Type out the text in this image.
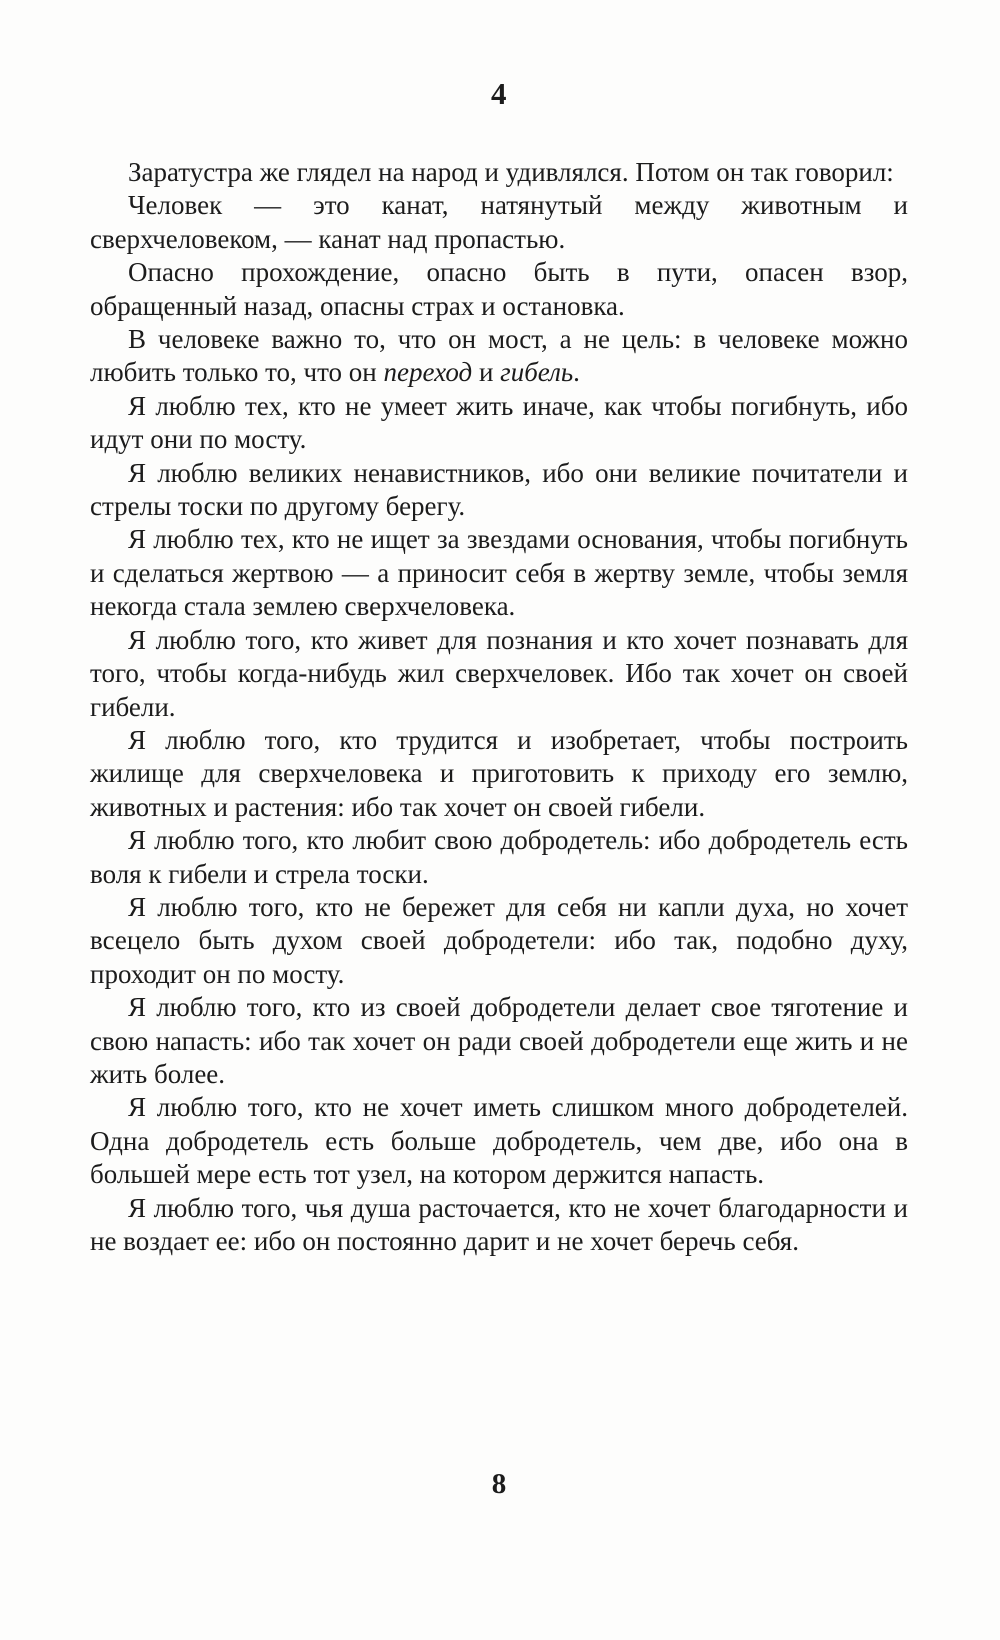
4

Заратустра же глядел на народ и удивлялся. Потом он так говорил:

Человек — это канат, натянутый между животным и сверхчеловеком, — канат над пропастью.

Опасно прохождение, опасно быть в пути, опасен взор, обращенный назад, опасны страх и остановка.

В человеке важно то, что он мост, а не цель: в человеке можно любить только то, что он переход и гибель.

Я люблю тех, кто не умеет жить иначе, как чтобы погибнуть, ибо идут они по мосту.

Я люблю великих ненавистников, ибо они великие почитатели и стрелы тоски по другому берегу.

Я люблю тех, кто не ищет за звездами основания, чтобы погибнуть и сделаться жертвою — а приносит себя в жертву земле, чтобы земля некогда стала землею сверхчеловека.

Я люблю того, кто живет для познания и кто хочет познавать для того, чтобы когда-нибудь жил сверхчеловек. Ибо так хочет он своей гибели.

Я люблю того, кто трудится и изобретает, чтобы построить жилище для сверхчеловека и приготовить к приходу его землю, животных и растения: ибо так хочет он своей гибели.

Я люблю того, кто любит свою добродетель: ибо добродетель есть воля к гибели и стрела тоски.

Я люблю того, кто не бережет для себя ни капли духа, но хочет всецело быть духом своей добродетели: ибо так, подобно духу, проходит он по мосту.

Я люблю того, кто из своей добродетели делает свое тяготение и свою напасть: ибо так хочет он ради своей добродетели еще жить и не жить более.

Я люблю того, кто не хочет иметь слишком много добродетелей. Одна добродетель есть больше добродетель, чем две, ибо она в большей мере есть тот узел, на котором держится напасть.

Я люблю того, чья душа расточается, кто не хочет благодарности и не воздает ее: ибо он постоянно дарит и не хочет беречь себя.

8
